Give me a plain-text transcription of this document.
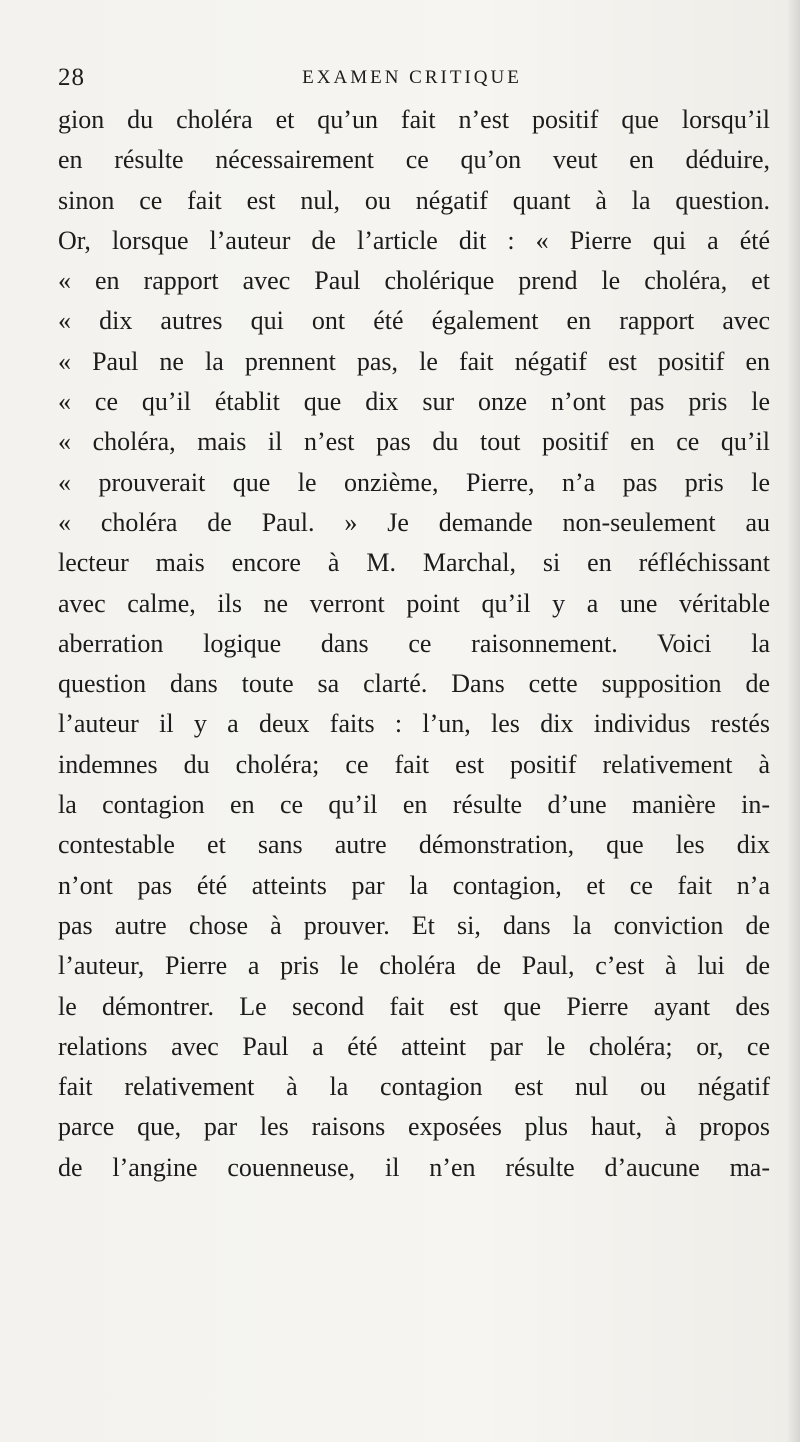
28	EXAMEN CRITIQUE
gion du choléra et qu’un fait n’est positif que lorsqu’il
en résulte nécessairement ce qu’on veut en déduire,
sinon ce fait est nul, ou négatif quant à la question.
Or, lorsque l’auteur de l’article dit : « Pierre qui a été
« en rapport avec Paul cholérique prend le choléra, et
« dix autres qui ont été également en rapport avec
« Paul ne la prennent pas, le fait négatif est positif en
« ce qu’il établit que dix sur onze n’ont pas pris le
« choléra, mais il n’est pas du tout positif en ce qu’il
« prouverait que le onzième, Pierre, n’a pas pris le
« choléra de Paul. » Je demande non-seulement au
lecteur mais encore à M. Marchal, si en réfléchissant
avec calme, ils ne verront point qu’il y a une véritable
aberration logique dans ce raisonnement. Voici la
question dans toute sa clarté. Dans cette supposition de
l’auteur il y a deux faits : l’un, les dix individus restés
indemnes du choléra; ce fait est positif relativement à
la contagion en ce qu’il en résulte d’une manière in-
contestable et sans autre démonstration, que les dix
n’ont pas été atteints par la contagion, et ce fait n’a
pas autre chose à prouver. Et si, dans la conviction de
l’auteur, Pierre a pris le choléra de Paul, c’est à lui de
le démontrer. Le second fait est que Pierre ayant des
relations avec Paul a été atteint par le choléra; or, ce
fait relativement à la contagion est nul ou négatif
parce que, par les raisons exposées plus haut, à propos
de l’angine couenneuse, il n’en résulte d’aucune ma-
